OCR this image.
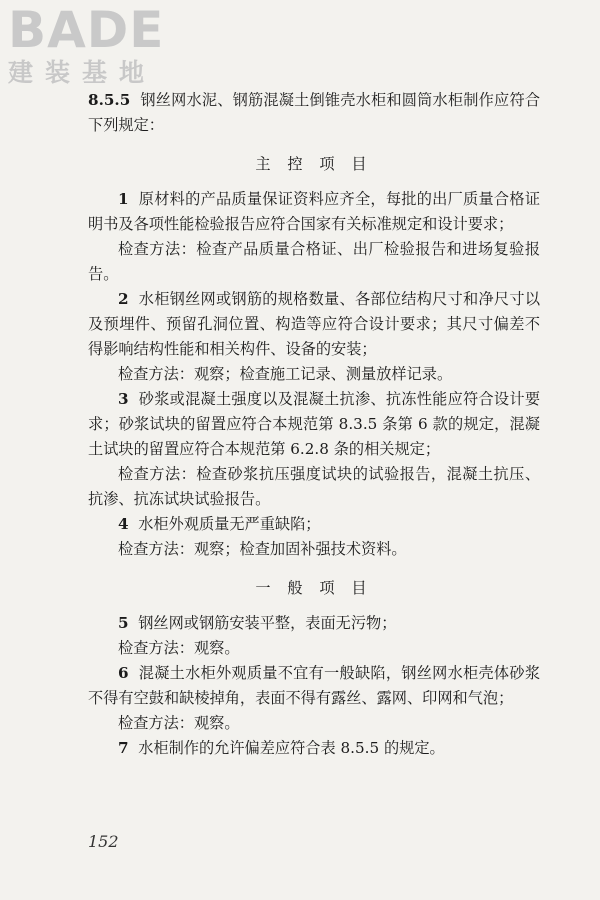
BADE
建装基地

8.5.5 钢丝网水泥、钢筋混凝土倒锥壳水柜和圆筒水柜制作应符合下列规定：

主 控 项 目

1 原材料的产品质量保证资料应齐全，每批的出厂质量合格证明书及各项性能检验报告应符合国家有关标准规定和设计要求；

检查方法：检查产品质量合格证、出厂检验报告和进场复验报告。

2 水柜钢丝网或钢筋的规格数量、各部位结构尺寸和净尺寸以及预埋件、预留孔洞位置、构造等应符合设计要求；其尺寸偏差不得影响结构性能和相关构件、设备的安装；

检查方法：观察；检查施工记录、测量放样记录。

3 砂浆或混凝土强度以及混凝土抗渗、抗冻性能应符合设计要求；砂浆试块的留置应符合本规范第 8.3.5 条第 6 款的规定，混凝土试块的留置应符合本规范第 6.2.8 条的相关规定；

检查方法：检查砂浆抗压强度试块的试验报告，混凝土抗压、抗渗、抗冻试块试验报告。

4 水柜外观质量无严重缺陷；

检查方法：观察；检查加固补强技术资料。

一 般 项 目

5 钢丝网或钢筋安装平整，表面无污物；

检查方法：观察。

6 混凝土水柜外观质量不宜有一般缺陷，钢丝网水柜壳体砂浆不得有空鼓和缺棱掉角，表面不得有露丝、露网、印网和气泡；

检查方法：观察。

7 水柜制作的允许偏差应符合表 8.5.5 的规定。

152
